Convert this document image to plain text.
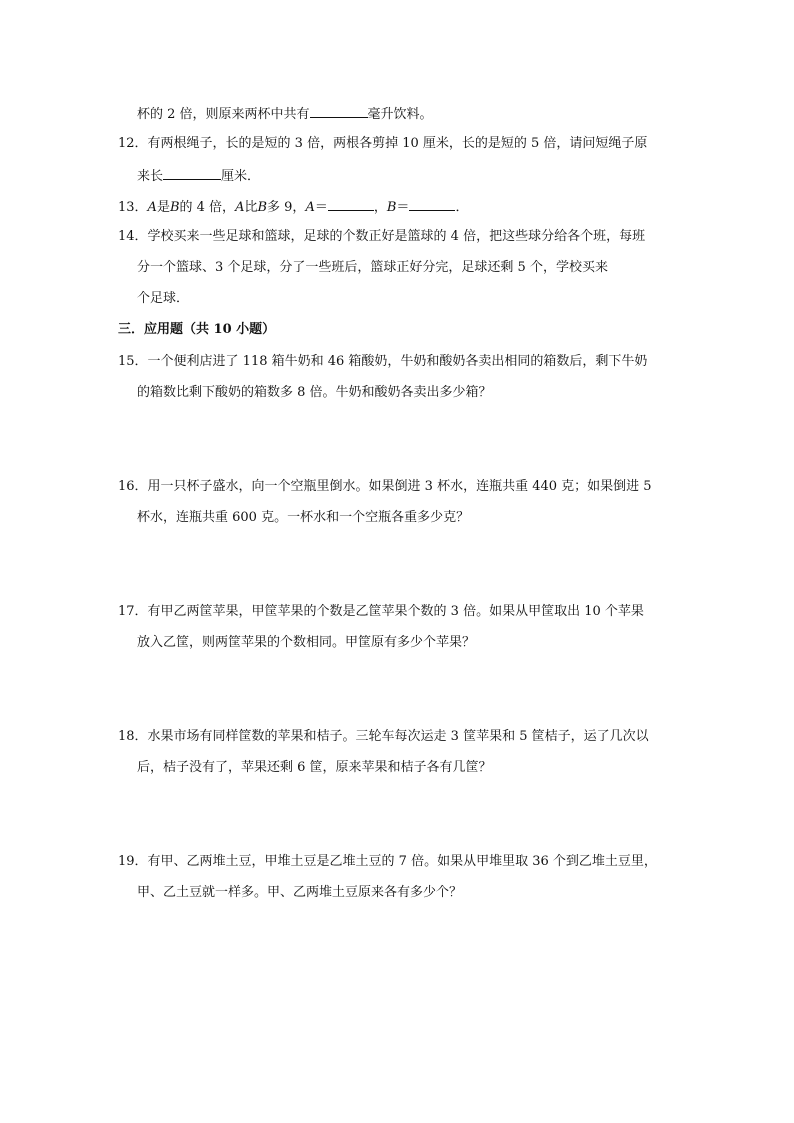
杯的 2 倍，则原来两杯中共有	毫升饮料。
12．有两根绳子，长的是短的 3 倍，两根各剪掉 10 厘米，长的是短的 5 倍，请问短绳子原
来长	厘米．
13．A是B的 4 倍，A比B多 9，A＝	，B＝	．
14．学校买来一些足球和篮球，足球的个数正好是篮球的 4 倍，把这些球分给各个班，每班
分一个篮球、3 个足球，分了一些班后，篮球正好分完，足球还剩 5 个，学校买来
个足球．
三．应用题（共 10 小题）
15．一个便利店进了 118 箱牛奶和 46 箱酸奶，牛奶和酸奶各卖出相同的箱数后，剩下牛奶
的箱数比剩下酸奶的箱数多 8 倍。牛奶和酸奶各卖出多少箱？
16．用一只杯子盛水，向一个空瓶里倒水。如果倒进 3 杯水，连瓶共重 440 克；如果倒进 5
杯水，连瓶共重 600 克。一杯水和一个空瓶各重多少克？
17．有甲乙两筐苹果，甲筐苹果的个数是乙筐苹果个数的 3 倍。如果从甲筐取出 10 个苹果
放入乙筐，则两筐苹果的个数相同。甲筐原有多少个苹果？
18．水果市场有同样筐数的苹果和桔子。三轮车每次运走 3 筐苹果和 5 筐桔子，运了几次以
后，桔子没有了，苹果还剩 6 筐，原来苹果和桔子各有几筐？
19．有甲、乙两堆土豆，甲堆土豆是乙堆土豆的 7 倍。如果从甲堆里取 36 个到乙堆土豆里，
甲、乙土豆就一样多。甲、乙两堆土豆原来各有多少个？
